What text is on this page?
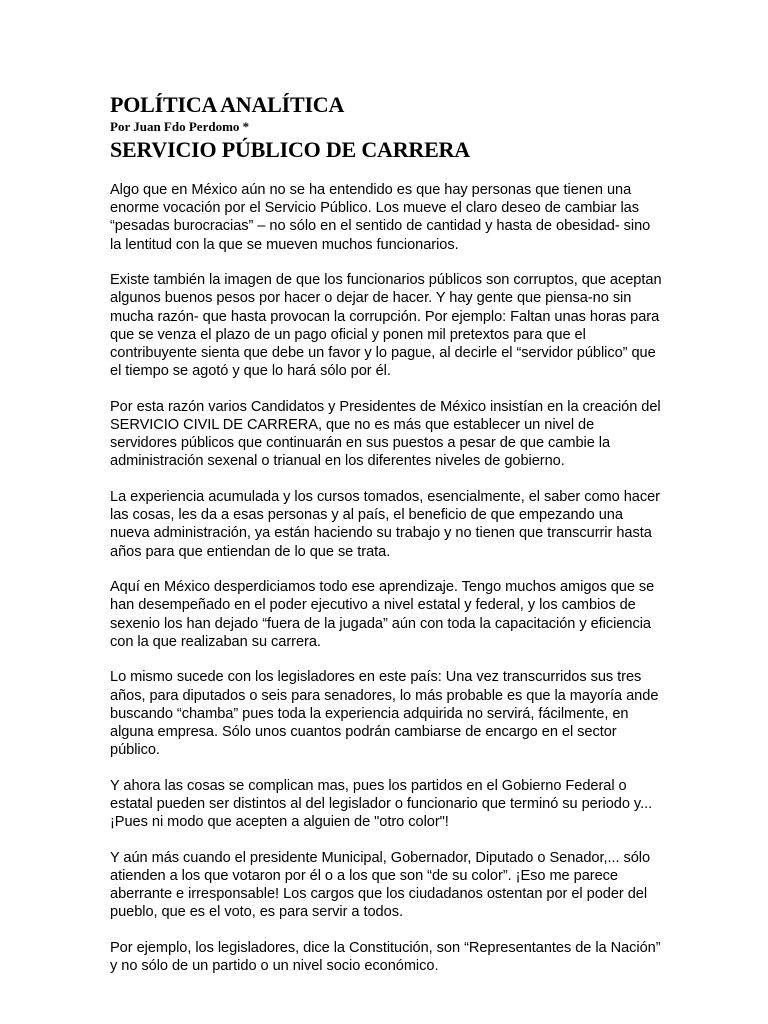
POLÍTICA ANALÍTICA
Por Juan Fdo Perdomo *
SERVICIO PÚBLICO DE CARRERA

Algo que en México aún no se ha entendido es que hay personas que tienen una enorme vocación por el Servicio Público. Los mueve el claro deseo de cambiar las “pesadas burocracias” – no sólo en el sentido de cantidad y hasta de obesidad- sino la lentitud con la que se mueven muchos funcionarios.

Existe también la imagen de que los funcionarios públicos son corruptos, que aceptan algunos buenos pesos por hacer o dejar de hacer. Y hay gente que piensa-no sin mucha razón- que hasta provocan la corrupción. Por ejemplo: Faltan unas horas para que se venza el plazo de un pago oficial y ponen mil pretextos para que el contribuyente sienta que debe un favor y lo pague, al decirle el “servidor público” que el tiempo se agotó y que lo hará sólo por él.

Por esta razón varios Candidatos y Presidentes de México insistían en la creación del SERVICIO CIVIL DE CARRERA, que no es más que establecer un nivel de servidores públicos que continuarán en sus puestos a pesar de que cambie la administración sexenal o trianual en los diferentes niveles de gobierno.

La experiencia acumulada y los cursos tomados, esencialmente, el saber como hacer las cosas, les da a esas personas y al país, el beneficio de que empezando una nueva administración, ya están haciendo su trabajo y no tienen que transcurrir hasta años para que entiendan de lo que se trata.

Aquí en México desperdiciamos todo ese aprendizaje. Tengo muchos amigos que se han desempeñado en el poder ejecutivo a nivel estatal y federal, y los cambios de sexenio los han dejado “fuera de la jugada” aún con toda la capacitación y eficiencia con la que realizaban su carrera.

Lo mismo sucede con los legisladores en este país: Una vez transcurridos sus tres años, para diputados o seis para senadores, lo más probable es que la mayoría ande buscando “chamba” pues toda la experiencia adquirida no servirá, fácilmente, en alguna empresa. Sólo unos cuantos podrán cambiarse de encargo en el sector público.

Y ahora las cosas se complican mas, pues los partidos en el Gobierno Federal o estatal pueden ser distintos al del legislador o funcionario que terminó su periodo y... ¡Pues ni modo que acepten a alguien de "otro color"!

Y aún más cuando el presidente Municipal, Gobernador, Diputado o Senador,... sólo atienden a los que votaron por él o a los que son “de su color”. ¡Eso me parece aberrante e irresponsable! Los cargos que los ciudadanos ostentan por el poder del pueblo, que es el voto, es para servir a todos.

Por ejemplo, los legisladores, dice la Constitución, son “Representantes de la Nación” y no sólo de un partido o un nivel socio económico.
